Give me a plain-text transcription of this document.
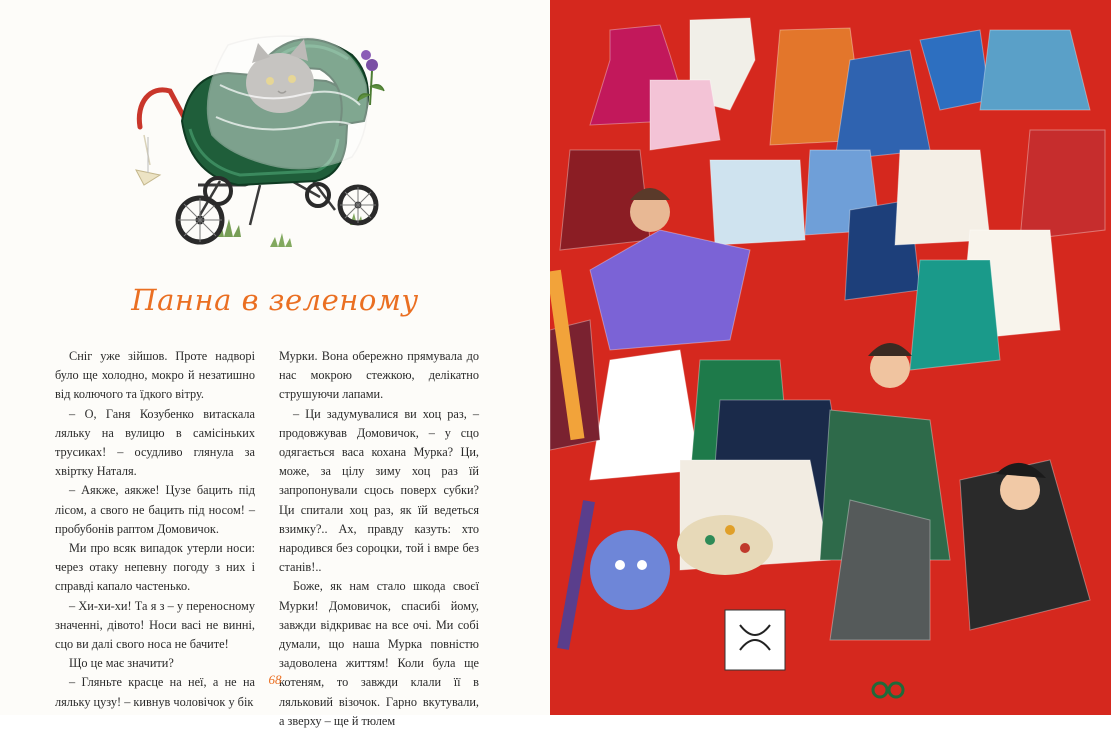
Панна в зеленому

Сніг уже зійшов. Проте надворі було ще холодно, мокро й незатишно від колючого та їдкого вітру.

– О, Ганя Козубенко витаскала ляльку на вулицю в самісіньких трусиках! – осудливо глянула за хвіртку Наталя.

– Аякже, аякже! Цузе бацить під лісом, а свого не бацить під носом! – пробубонів раптом Домовичок.

Ми про всяк випадок утерли носи: через отаку непевну погоду з них і справді капало частенько.

– Хи-хи-хи! Та я з – у переносному значенні, дівото! Носи васі не винні, сцо ви далі свого носа не бачите!

Що це має значити?

– Гляньте красце на неї, а не на ляльку цузу! – кивнув чоловічок у бік

Мурки. Вона обережно прямувала до нас мокрою стежкою, делікатно струшуючи лапами.

– Ци задумувалися ви хоц раз, – продовжував Домовичок, – у сцо одягається васа кохана Мурка? Ци, може, за цілу зиму хоц раз їй запропонували сцось поверх субки? Ци спитали хоц раз, як їй ведеться взимку?.. Ах, правду казуть: хто народився без сороцки, той і вмре без станів!..

Боже, як нам стало шкода своєї Мурки! Домовичок, спасибі йому, завжди відкриває на все очі. Ми собі думали, що наша Мурка повністю задоволена життям! Коли була ще котеням, то завжди клали її в ляльковий візочок. Гарно вкутували, а зверху – ще й тюлем

68
